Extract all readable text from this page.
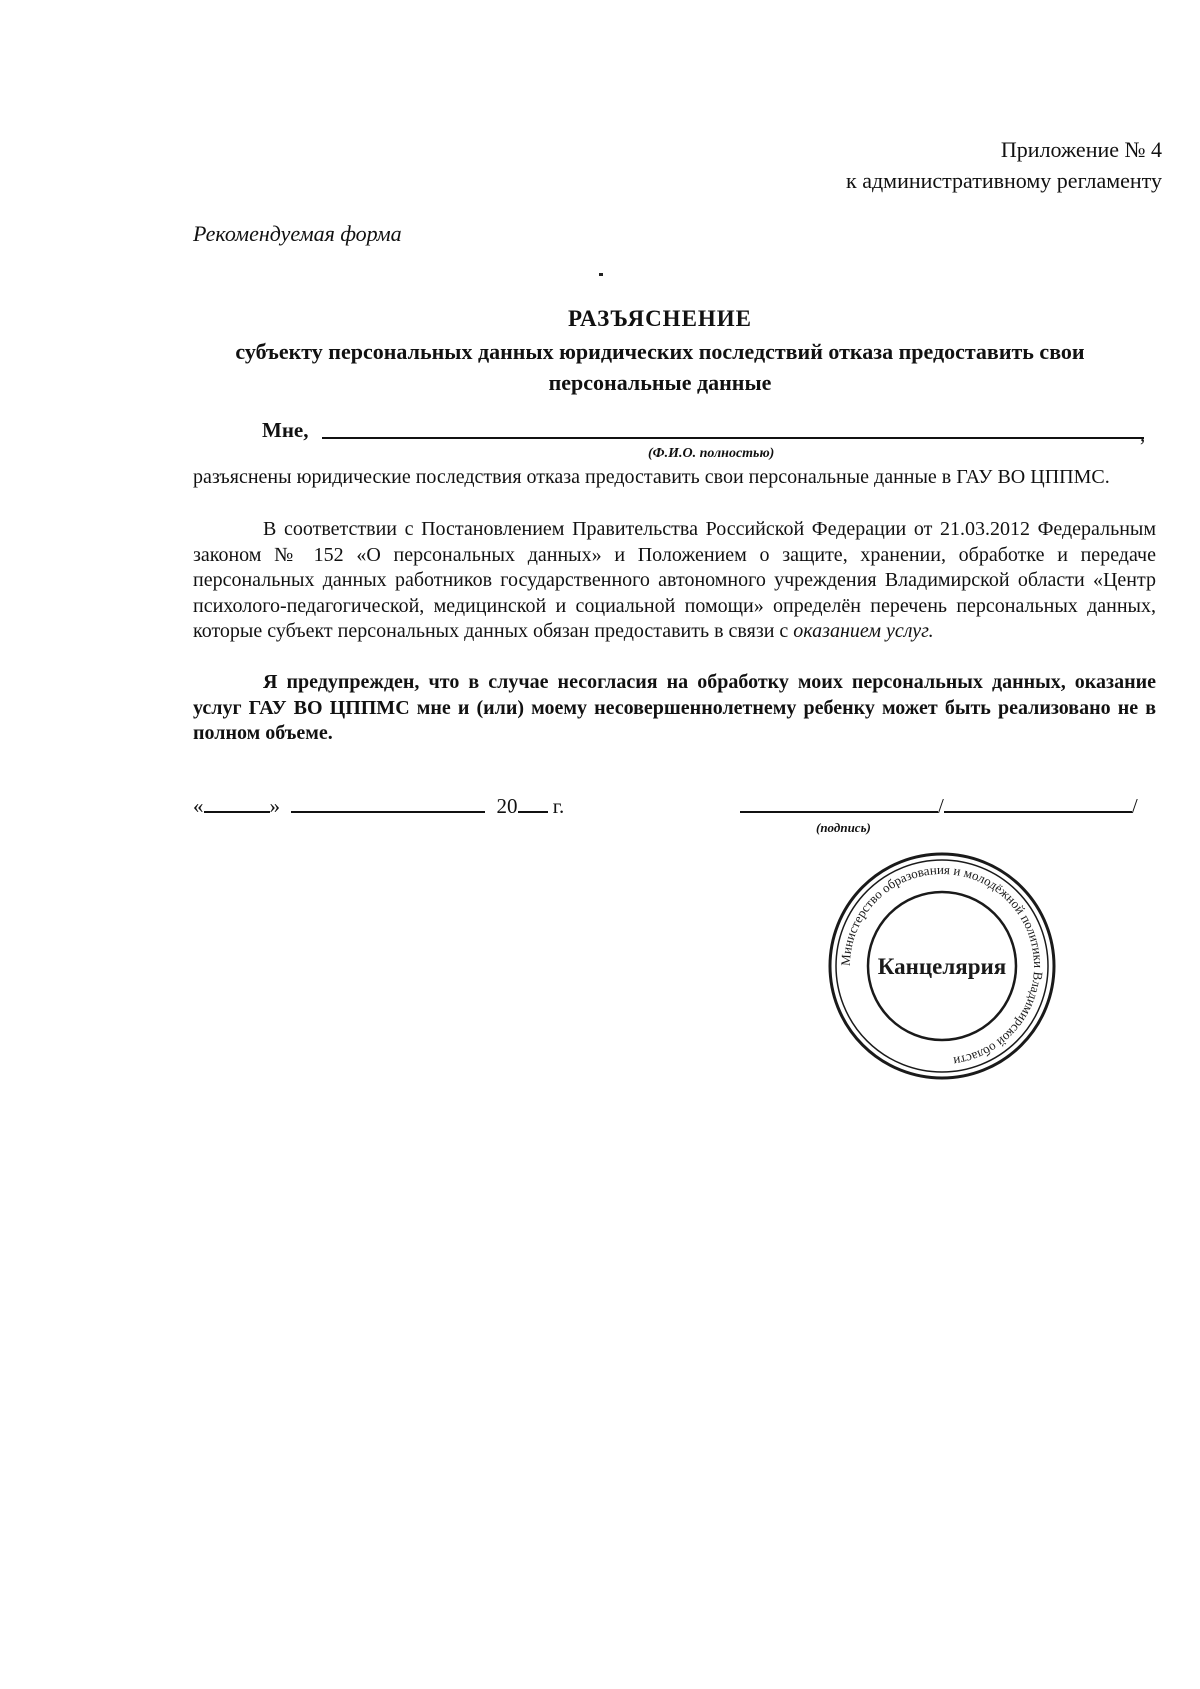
Приложение № 4
к административному регламенту
Рекомендуемая форма
РАЗЪЯСНЕНИЕ
субъекту персональных данных юридических последствий отказа предоставить свои
персональные данные
Мне,	,
(Ф.И.О. полностью)
разъяснены юридические последствия отказа предоставить свои персональные данные в ГАУ ВО ЦППМС.
В соответствии с Постановлением Правительства Российской Федерации от 21.03.2012 Федеральным законом № 152 «О персональных данных» и Положением о защите, хранении, обработке и передаче персональных данных работников государственного автономного учреждения Владимирской области «Центр психолого-педагогической, медицинской и социальной помощи» определён перечень персональных данных, которые субъект персональных данных обязан предоставить в связи с оказанием услуг.
Я предупрежден, что в случае несогласия на обработку моих персональных данных, оказание услуг ГАУ ВО ЦППМС мне и (или) моему несовершеннолетнему ребенку может быть реализовано не в полном объеме.
«	»	20 г.	/	/
(подпись)
Министерство образования и молодёжной политики Владимирской области
Канцелярия
